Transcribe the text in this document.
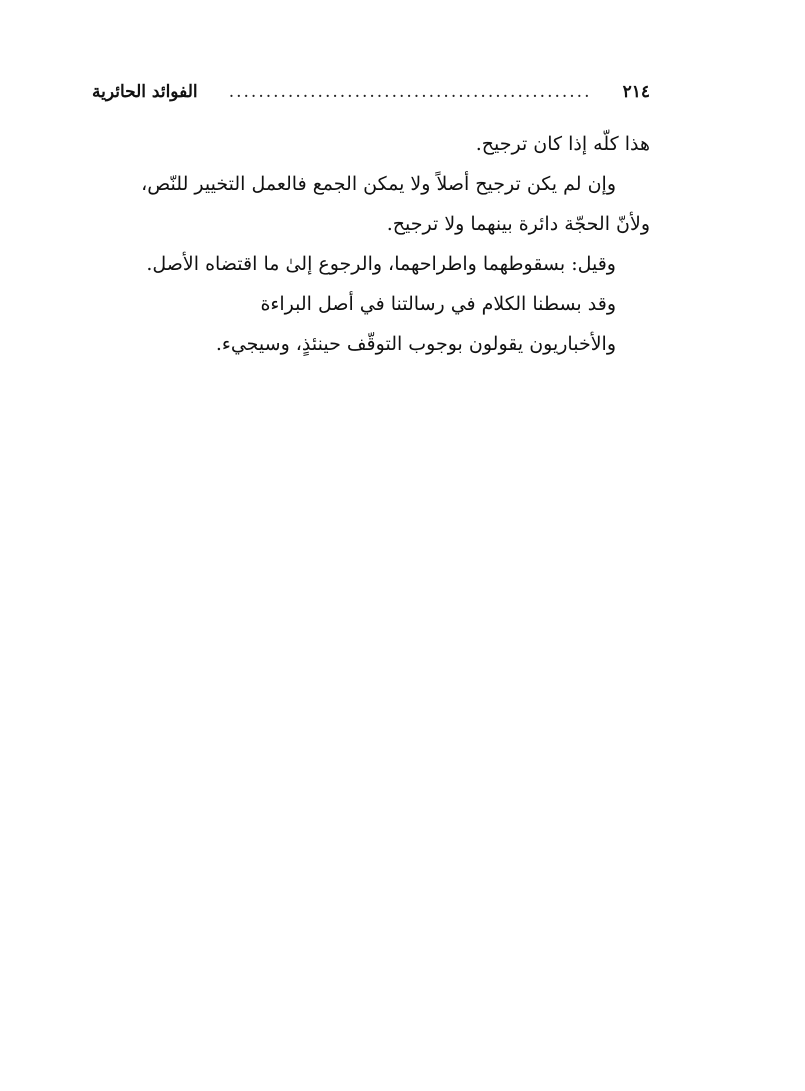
٢١٤
.................................................
الفوائد الحائرية
هذا كلّه إذا كان ترجيح.
وإن لم يكن ترجيح أصلاً ولا يمكن الجمع فالعمل التخيير للنّص،
ولأنّ الحجّة دائرة بينهما ولا ترجيح.
وقيل: بسقوطهما واطراحهما، والرجوع إلىٰ ما اقتضاه الأصل.
وقد بسطنا الكلام في رسالتنا في أصل البراءة
والأخباريون يقولون بوجوب التوقّف حينئذٍ، وسيجيء.
